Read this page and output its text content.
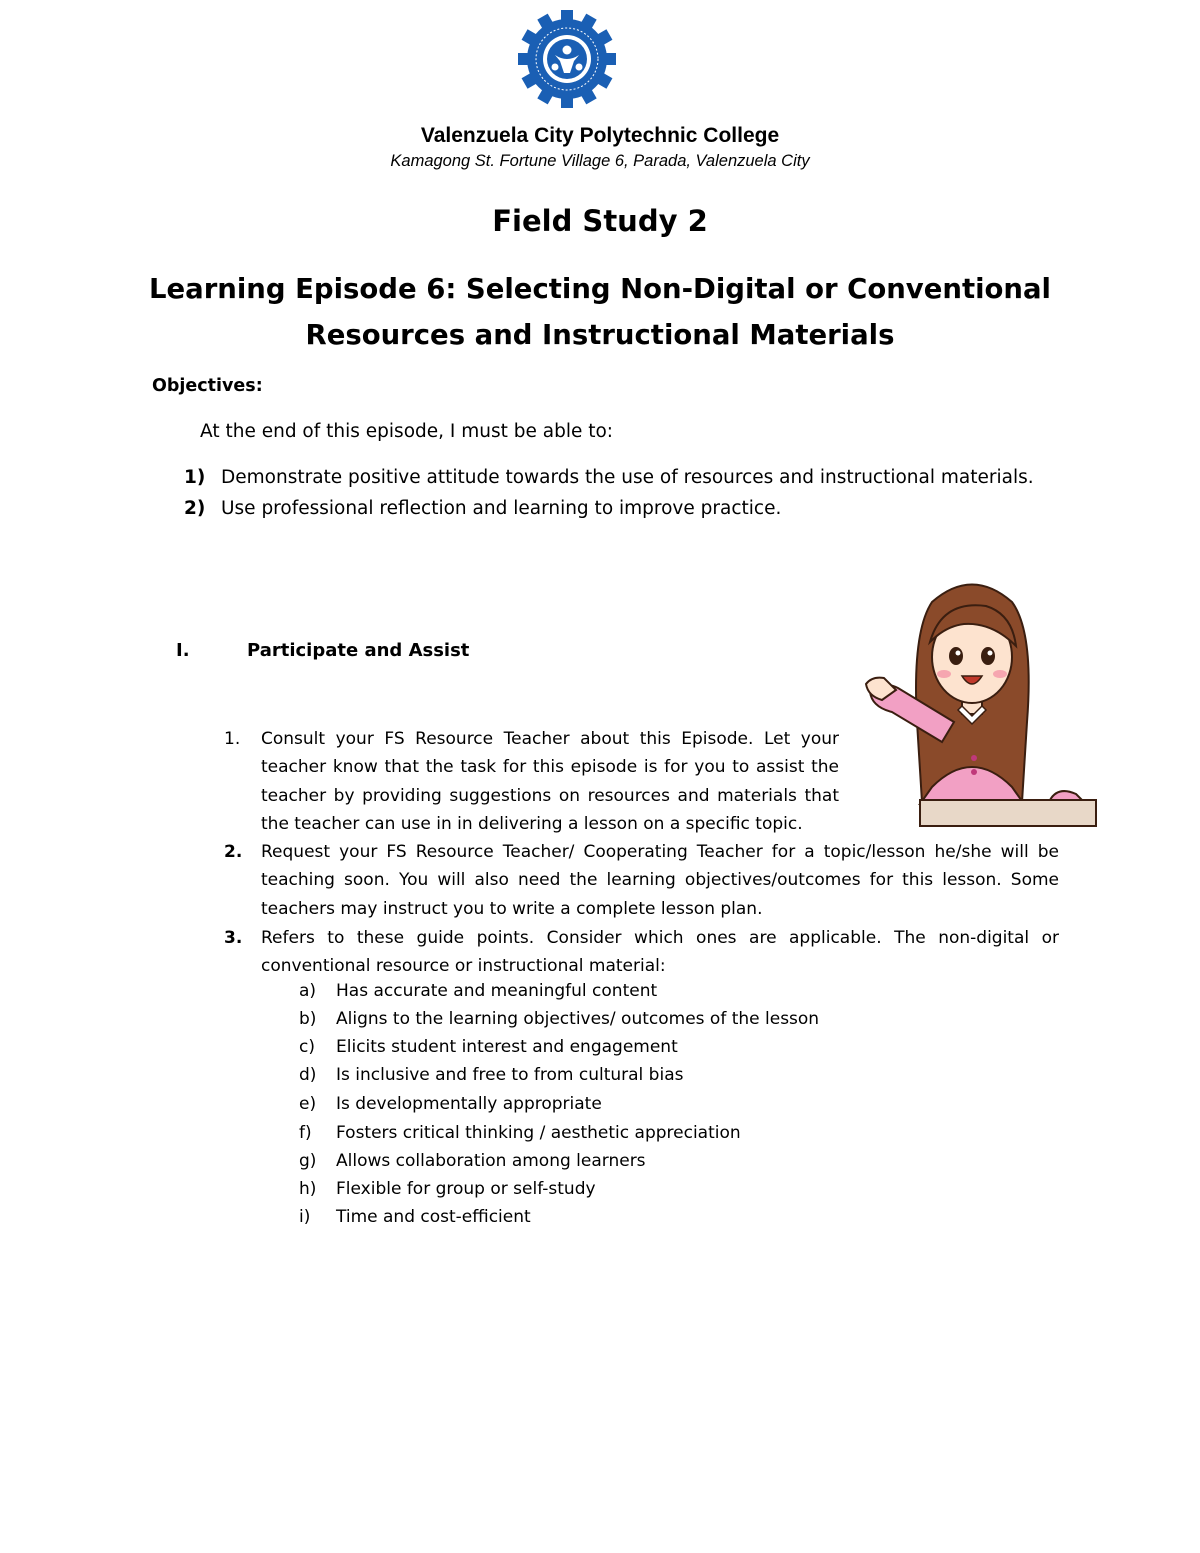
Valenzuela City Polytechnic College
Kamagong St. Fortune Village 6, Parada, Valenzuela City
Field Study 2
Learning Episode 6: Selecting Non-Digital or Conventional Resources and Instructional Materials
Objectives:
At the end of this episode, I must be able to:
1) Demonstrate positive attitude towards the use of resources and instructional materials.
2) Use professional reflection and learning to improve practice.
I.	Participate and Assist
1. Consult your FS Resource Teacher about this Episode. Let your teacher know that the task for this episode is for you to assist the teacher by providing suggestions on resources and materials that the teacher can use in in delivering a lesson on a specific topic.
2. Request your FS Resource Teacher/ Cooperating Teacher for a topic/lesson he/she will be teaching soon. You will also need the learning objectives/outcomes for this lesson. Some teachers may instruct you to write a complete lesson plan.
3. Refers to these guide points. Consider which ones are applicable. The non-digital or conventional resource or instructional material:
a) Has accurate and meaningful content
b) Aligns to the learning objectives/ outcomes of the lesson
c) Elicits student interest and engagement
d) Is inclusive and free to from cultural bias
e) Is developmentally appropriate
f) Fosters critical thinking / aesthetic appreciation
g) Allows collaboration among learners
h) Flexible for group or self-study
i) Time and cost-efficient
